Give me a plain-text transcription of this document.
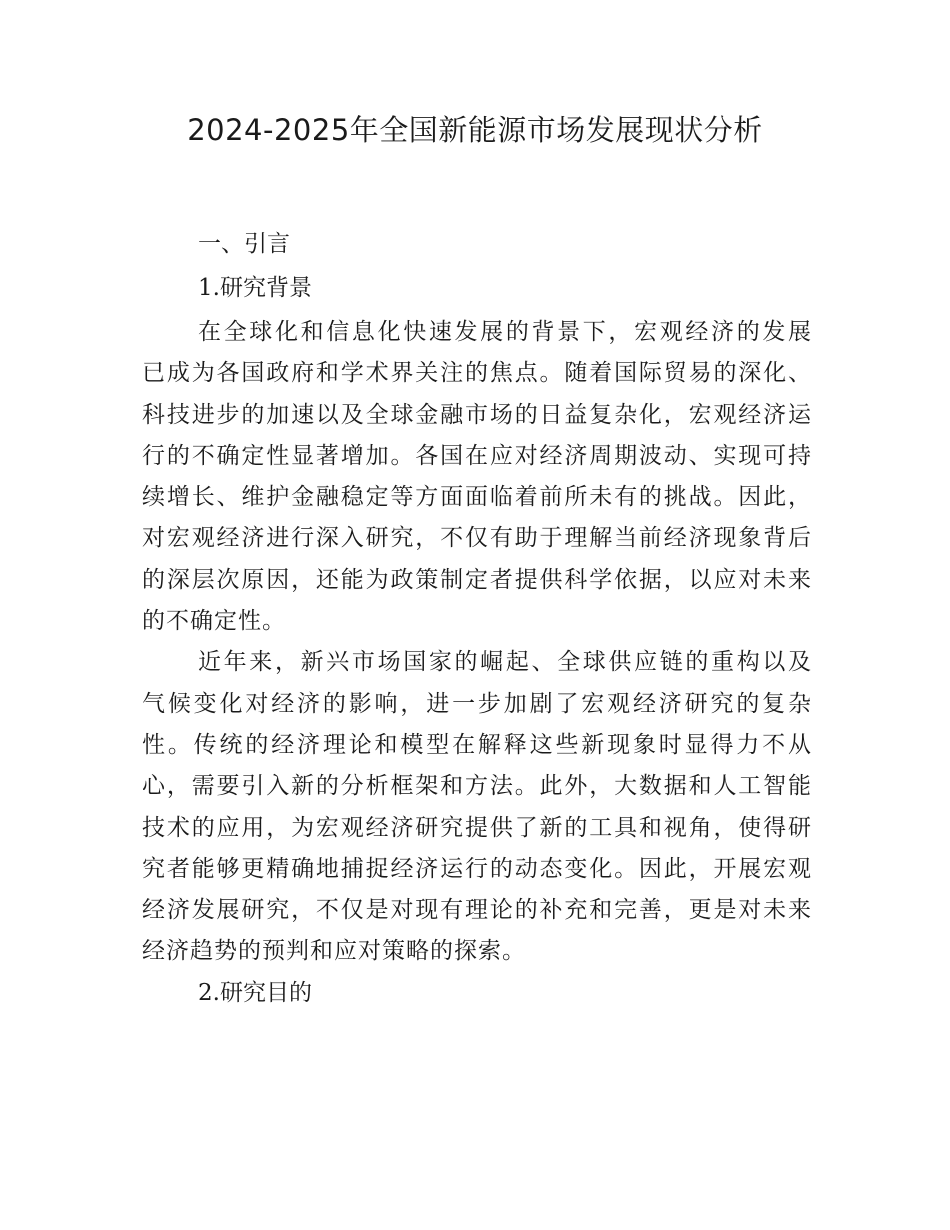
2024-2025年全国新能源市场发展现状分析
一、引言
1.研究背景
在全球化和信息化快速发展的背景下，宏观经济的发展
已成为各国政府和学术界关注的焦点。随着国际贸易的深化、
科技进步的加速以及全球金融市场的日益复杂化，宏观经济运
行的不确定性显著增加。各国在应对经济周期波动、实现可持
续增长、维护金融稳定等方面面临着前所未有的挑战。因此，
对宏观经济进行深入研究，不仅有助于理解当前经济现象背后
的深层次原因，还能为政策制定者提供科学依据，以应对未来
的不确定性。
近年来，新兴市场国家的崛起、全球供应链的重构以及
气候变化对经济的影响，进一步加剧了宏观经济研究的复杂
性。传统的经济理论和模型在解释这些新现象时显得力不从
心，需要引入新的分析框架和方法。此外，大数据和人工智能
技术的应用，为宏观经济研究提供了新的工具和视角，使得研
究者能够更精确地捕捉经济运行的动态变化。因此，开展宏观
经济发展研究，不仅是对现有理论的补充和完善，更是对未来
经济趋势的预判和应对策略的探索。
2.研究目的
